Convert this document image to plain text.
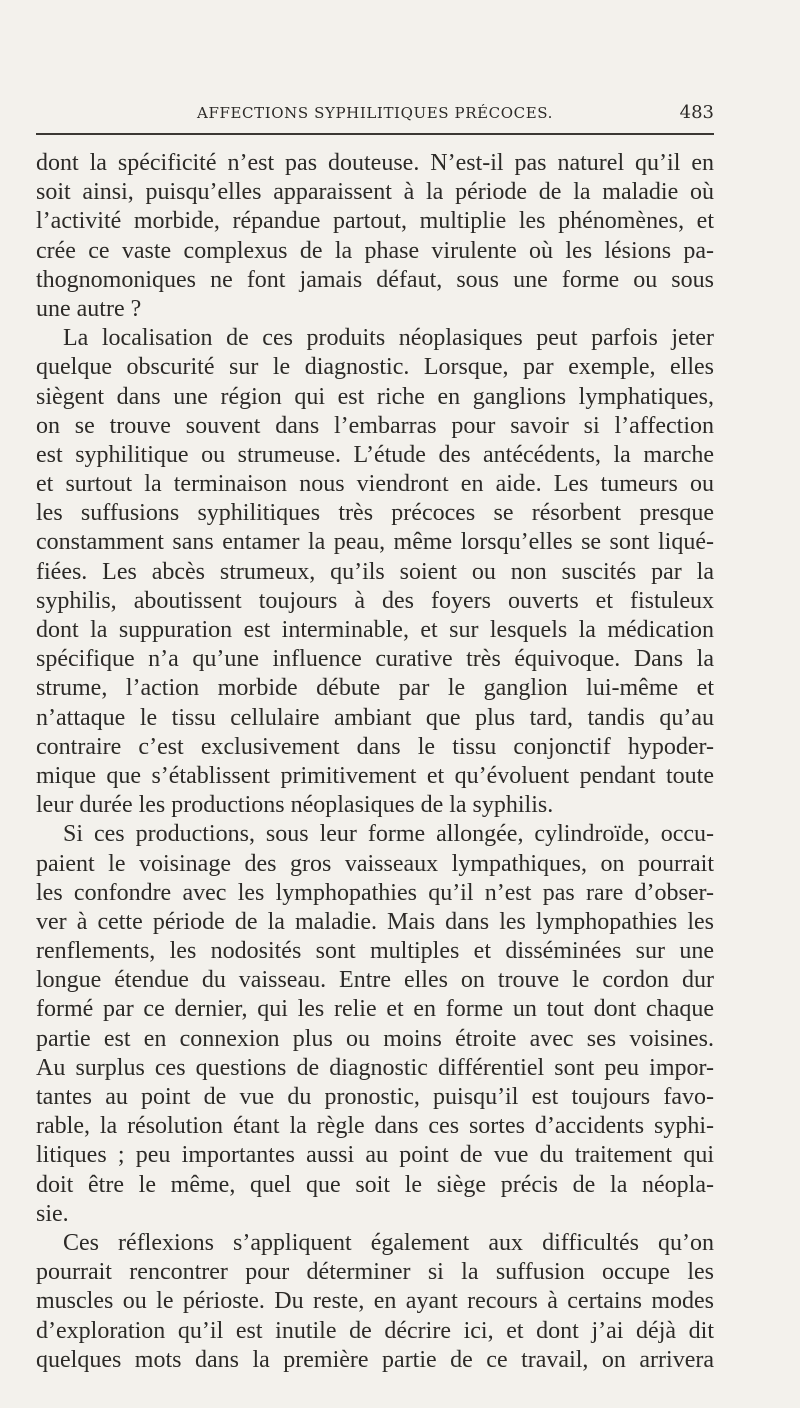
AFFECTIONS SYPHILITIQUES PRÉCOCES.	483
dont la spécificité n’est pas douteuse. N’est-il pas naturel qu’il en
soit ainsi, puisqu’elles apparaissent à la période de la maladie où
l’activité morbide, répandue partout, multiplie les phénomènes, et
crée ce vaste complexus de la phase virulente où les lésions pa-
thognomoniques ne font jamais défaut, sous une forme ou sous
une autre ?
La localisation de ces produits néoplasiques peut parfois jeter
quelque obscurité sur le diagnostic. Lorsque, par exemple, elles
siègent dans une région qui est riche en ganglions lymphatiques,
on se trouve souvent dans l’embarras pour savoir si l’affection
est syphilitique ou strumeuse. L’étude des antécédents, la marche
et surtout la terminaison nous viendront en aide. Les tumeurs ou
les suffusions syphilitiques très précoces se résorbent presque
constamment sans entamer la peau, même lorsqu’elles se sont liqué-
fiées. Les abcès strumeux, qu’ils soient ou non suscités par la
syphilis, aboutissent toujours à des foyers ouverts et fistuleux
dont la suppuration est interminable, et sur lesquels la médication
spécifique n’a qu’une influence curative très équivoque. Dans la
strume, l’action morbide débute par le ganglion lui-même et
n’attaque le tissu cellulaire ambiant que plus tard, tandis qu’au
contraire c’est exclusivement dans le tissu conjonctif hypoder-
mique que s’établissent primitivement et qu’évoluent pendant toute
leur durée les productions néoplasiques de la syphilis.
Si ces productions, sous leur forme allongée, cylindroïde, occu-
paient le voisinage des gros vaisseaux lympathiques, on pourrait
les confondre avec les lymphopathies qu’il n’est pas rare d’obser-
ver à cette période de la maladie. Mais dans les lymphopathies les
renflements, les nodosités sont multiples et disséminées sur une
longue étendue du vaisseau. Entre elles on trouve le cordon dur
formé par ce dernier, qui les relie et en forme un tout dont chaque
partie est en connexion plus ou moins étroite avec ses voisines.
Au surplus ces questions de diagnostic différentiel sont peu impor-
tantes au point de vue du pronostic, puisqu’il est toujours favo-
rable, la résolution étant la règle dans ces sortes d’accidents syphi-
litiques ; peu importantes aussi au point de vue du traitement qui
doit être le même, quel que soit le siège précis de la néopla-
sie.
Ces réflexions s’appliquent également aux difficultés qu’on
pourrait rencontrer pour déterminer si la suffusion occupe les
muscles ou le périoste. Du reste, en ayant recours à certains modes
d’exploration qu’il est inutile de décrire ici, et dont j’ai déjà dit
quelques mots dans la première partie de ce travail, on arrivera
